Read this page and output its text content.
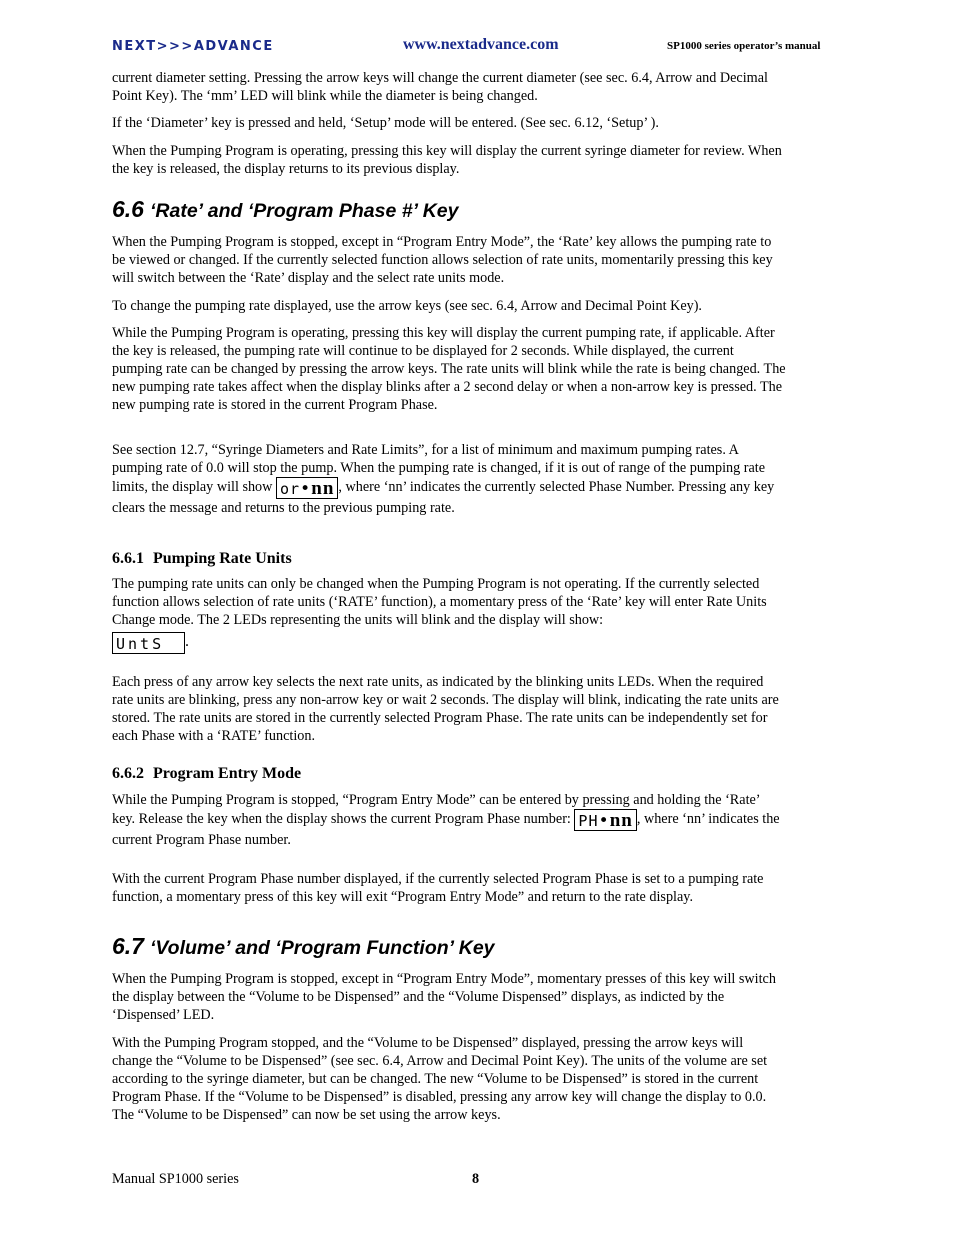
NEXT>>>ADVANCE	www.nextadvance.com	SP1000 series operator’s manual

current diameter setting. Pressing the arrow keys will change the current diameter (see sec. 6.4, Arrow and Decimal Point Key). The ‘mm’ LED will blink while the diameter is being changed.

If the ‘Diameter’ key is pressed and held, ‘Setup’ mode will be entered. (See sec. 6.12, ‘Setup’ ).

When the Pumping Program is operating, pressing this key will display the current syringe diameter for review. When the key is released, the display returns to its previous display.

6.6 ‘Rate’ and ‘Program Phase #’ Key

When the Pumping Program is stopped, except in “Program Entry Mode”, the ‘Rate’ key allows the pumping rate to be viewed or changed. If the currently selected function allows selection of rate units, momentarily pressing this key will switch between the ‘Rate’ display and the select rate units mode.

To change the pumping rate displayed, use the arrow keys (see sec. 6.4, Arrow and Decimal Point Key).

While the Pumping Program is operating, pressing this key will display the current pumping rate, if applicable. After the key is released, the pumping rate will continue to be displayed for 2 seconds. While displayed, the current pumping rate can be changed by pressing the arrow keys. The rate units will blink while the rate is being changed. The new pumping rate takes affect when the display blinks after a 2 second delay or when a non-arrow key is pressed. The new pumping rate is stored in the current Program Phase.

See section 12.7, “Syringe Diameters and Rate Limits”, for a list of minimum and maximum pumping rates. A pumping rate of 0.0 will stop the pump. When the pumping rate is changed, if it is out of range of the pumping rate limits, the display will show or•nn , where ‘nn’ indicates the currently selected Phase Number. Pressing any key clears the message and returns to the previous pumping rate.

6.6.1 Pumping Rate Units

The pumping rate units can only be changed when the Pumping Program is not operating. If the currently selected function allows selection of rate units (‘RATE’ function), a momentary press of the ‘Rate’ key will enter Rate Units Change mode. The 2 LEDs representing the units will blink and the display will show:

UntS .

Each press of any arrow key selects the next rate units, as indicated by the blinking units LEDs. When the required rate units are blinking, press any non-arrow key or wait 2 seconds. The display will blink, indicating the rate units are stored. The rate units are stored in the currently selected Program Phase. The rate units can be independently set for each Phase with a ‘RATE’ function.

6.6.2 Program Entry Mode

While the Pumping Program is stopped, “Program Entry Mode” can be entered by pressing and holding the ‘Rate’ key. Release the key when the display shows the current Program Phase number: PH•nn , where ‘nn’ indicates the current Program Phase number.

With the current Program Phase number displayed, if the currently selected Program Phase is set to a pumping rate function, a momentary press of this key will exit “Program Entry Mode” and return to the rate display.

6.7 ‘Volume’ and ‘Program Function’ Key

When the Pumping Program is stopped, except in “Program Entry Mode”, momentary presses of this key will switch the display between the “Volume to be Dispensed” and the “Volume Dispensed” displays, as indicted by the ‘Dispensed’ LED.

With the Pumping Program stopped, and the “Volume to be Dispensed” displayed, pressing the arrow keys will change the “Volume to be Dispensed” (see sec. 6.4, Arrow and Decimal Point Key). The units of the volume are set according to the syringe diameter, but can be changed. The new “Volume to be Dispensed” is stored in the current Program Phase. If the “Volume to be Dispensed” is disabled, pressing any arrow key will change the display to 0.0. The “Volume to be Dispensed” can now be set using the arrow keys.

Manual SP1000 series	8
